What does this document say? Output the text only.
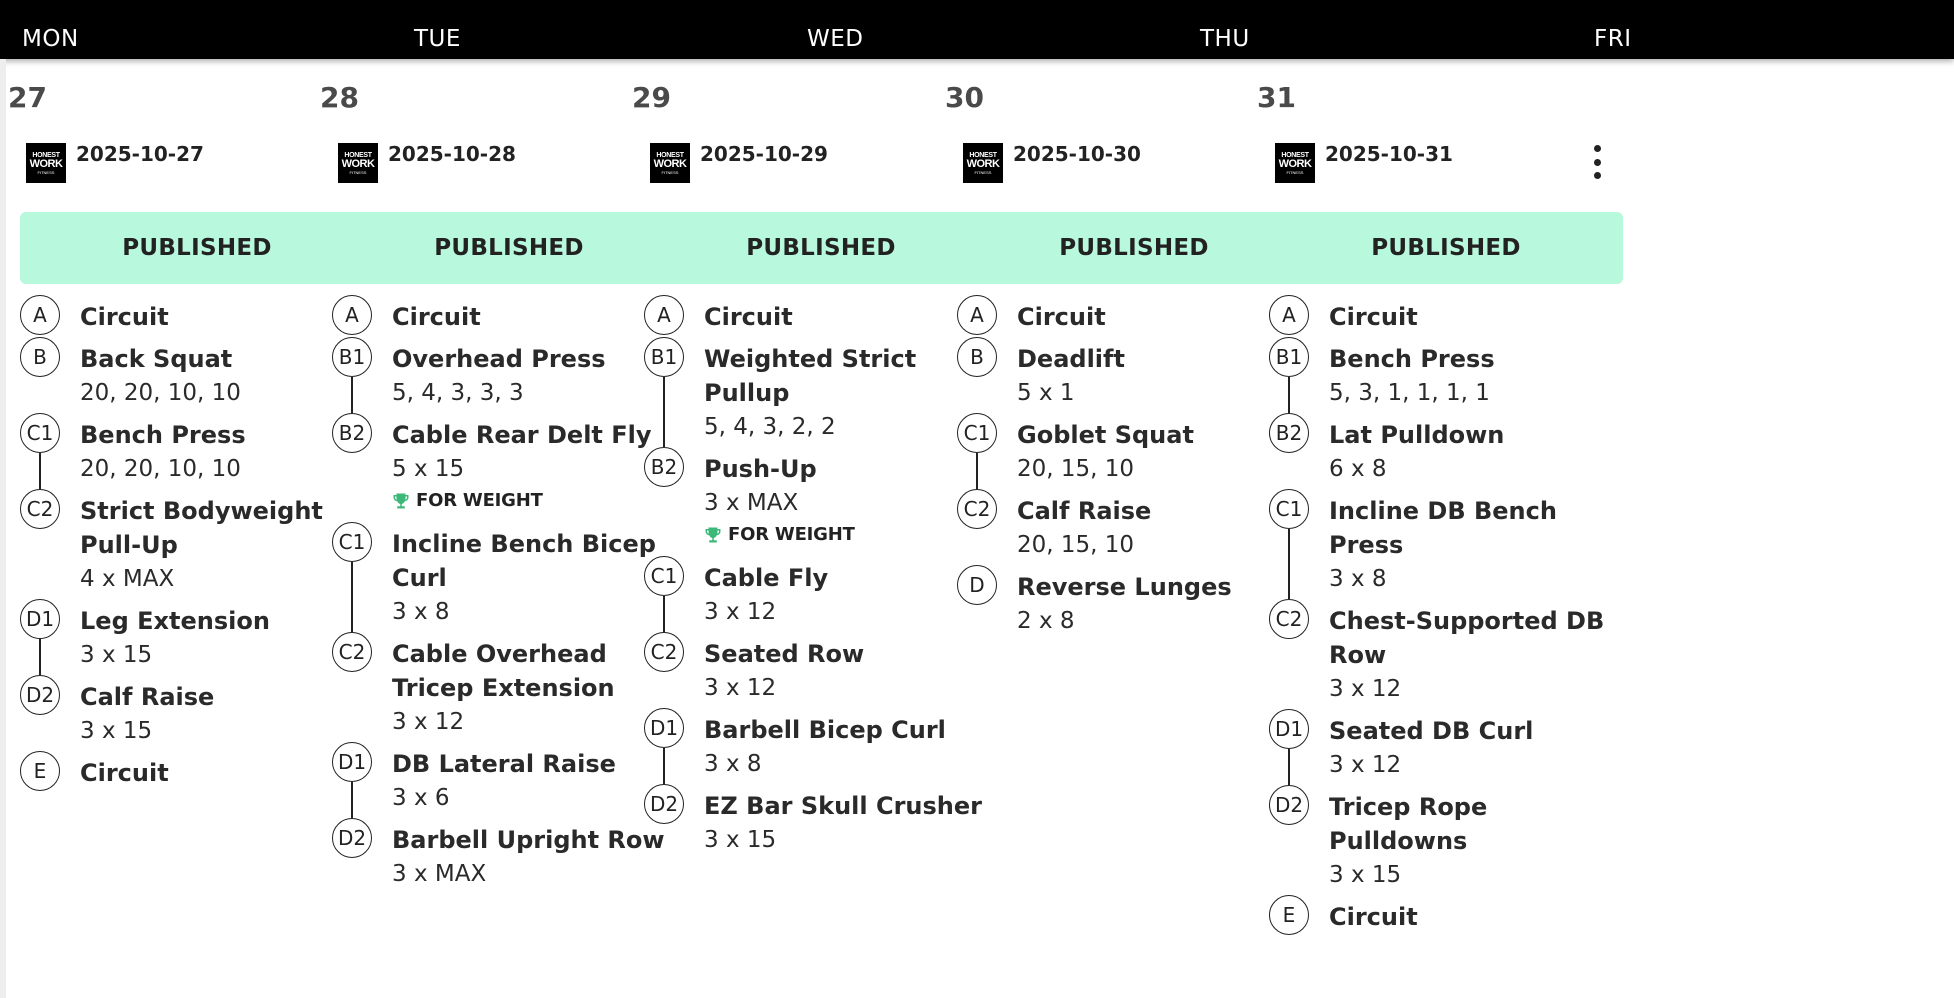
27
HONEST
WORK
FITNESS
2025-10-27
PUBLISHED
A	Circuit
B	Back Squat
20, 20, 10, 10
C1 Bench Press
20, 20, 10, 10
C2 Strict Bodyweight Pull-Up
4 x MAX
D1 Leg Extension
3 x 15
D2 Calf Raise
3 x 15
E	Circuit
28
HONEST
WORK
FITNESS
2025-10-28
PUBLISHED
A	Circuit
B1 Overhead Press
5, 4, 3, 3, 3
B2 Cable Rear Delt Fly
5 x 15
FOR WEIGHT
C1 Incline Bench Bicep Curl
3 x 8
C2 Cable Overhead Tricep Extension
3 x 12
D1 DB Lateral Raise
3 x 6
D2 Barbell Upright Row
3 x MAX
29
HONEST
WORK
FITNESS
2025-10-29
PUBLISHED
A	Circuit
B1 Weighted Strict Pullup
5, 4, 3, 2, 2
B2 Push-Up
3 x MAX
FOR WEIGHT
C1 Cable Fly
3 x 12
C2 Seated Row
3 x 12
D1 Barbell Bicep Curl
3 x 8
D2 EZ Bar Skull Crusher
3 x 15
30
HONEST
WORK
FITNESS
2025-10-30
PUBLISHED
A	Circuit
B	Deadlift
5 x 1
C1 Goblet Squat
20, 15, 10
C2 Calf Raise
20, 15, 10
D	Reverse Lunges
2 x 8
31
HONEST
WORK
FITNESS
2025-10-31
PUBLISHED
A	Circuit
B1 Bench Press
5, 3, 1, 1, 1, 1
B2 Lat Pulldown
6 x 8
C1 Incline DB Bench Press
3 x 8
C2 Chest-Supported DB Row
3 x 12
D1 Seated DB Curl
3 x 12
D2 Tricep Rope Pulldowns
3 x 15
E	Circuit
MON	TUE	WED	THU	FRI
